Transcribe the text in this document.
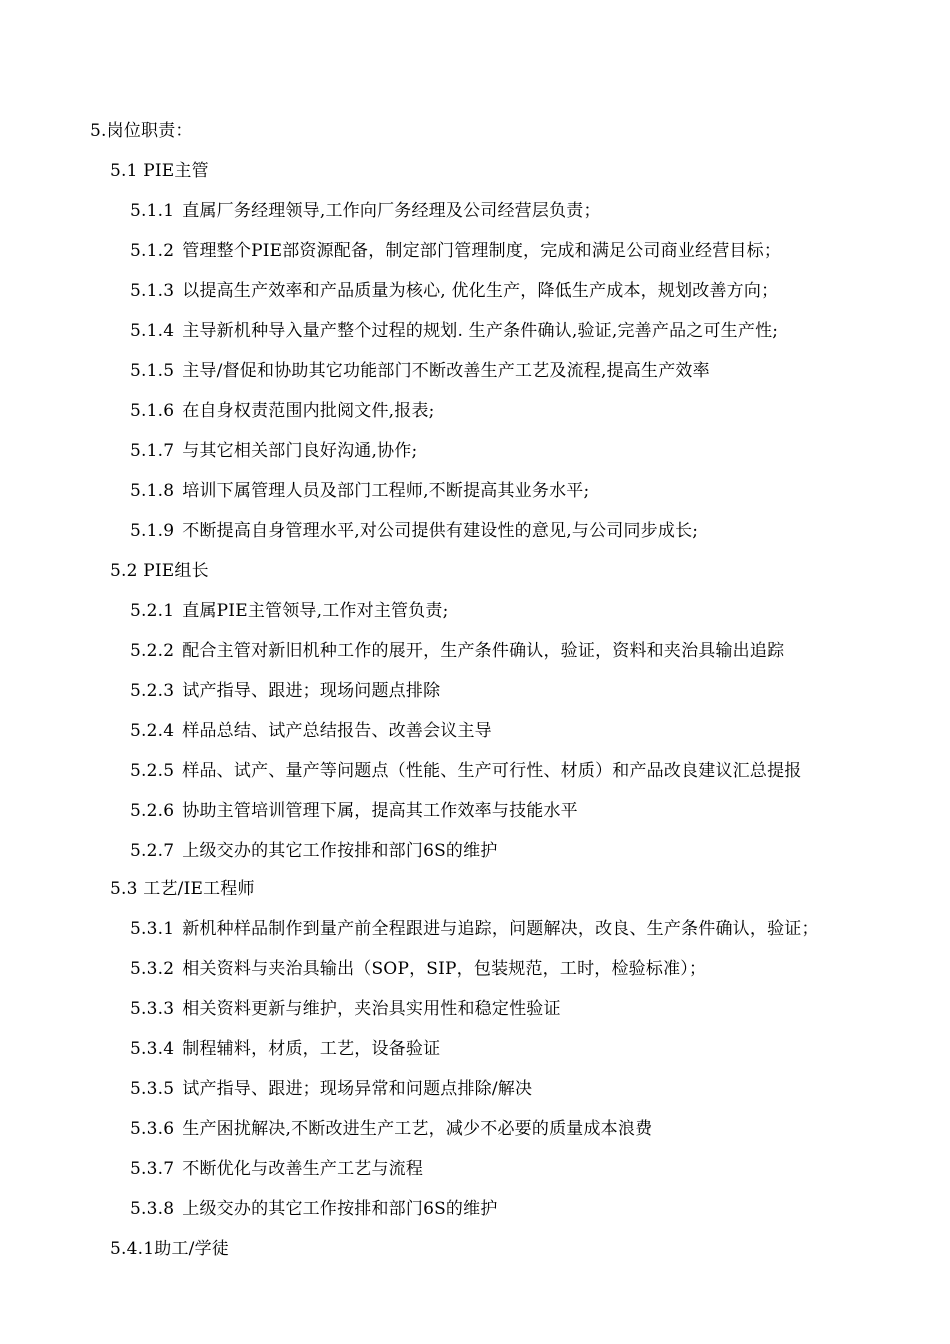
5.岗位职责：
5.1 PIE主管
5.1.1 直属厂务经理领导,工作向厂务经理及公司经营层负责；
5.1.2 管理整个PIE部资源配备，制定部门管理制度，完成和满足公司商业经营目标；
5.1.3 以提高生产效率和产品质量为核心, 优化生产，降低生产成本，规划改善方向；
5.1.4 主导新机种导入量产整个过程的规划. 生产条件确认,验证,完善产品之可生产性;
5.1.5 主导/督促和协助其它功能部门不断改善生产工艺及流程,提高生产效率
5.1.6 在自身权责范围内批阅文件,报表;
5.1.7 与其它相关部门良好沟通,协作;
5.1.8 培训下属管理人员及部门工程师,不断提高其业务水平;
5.1.9 不断提高自身管理水平,对公司提供有建设性的意见,与公司同步成长;
5.2 PIE组长
5.2.1 直属PIE主管领导,工作对主管负责;
5.2.2 配合主管对新旧机种工作的展开，生产条件确认，验证，资料和夹治具输出追踪
5.2.3 试产指导、跟进；现场问题点排除
5.2.4 样品总结、试产总结报告、改善会议主导
5.2.5 样品、试产、量产等问题点（性能、生产可行性、材质）和产品改良建议汇总提报
5.2.6 协助主管培训管理下属，提高其工作效率与技能水平
5.2.7 上级交办的其它工作按排和部门6S的维护
5.3 工艺/IE工程师
5.3.1 新机种样品制作到量产前全程跟进与追踪，问题解决，改良、生产条件确认，验证；
5.3.2 相关资料与夹治具输出（SOP，SIP，包装规范，工时，检验标准）；
5.3.3 相关资料更新与维护，夹治具实用性和稳定性验证
5.3.4 制程辅料，材质，工艺，设备验证
5.3.5 试产指导、跟进；现场异常和问题点排除/解决
5.3.6 生产困扰解决,不断改进生产工艺，减少不必要的质量成本浪费
5.3.7 不断优化与改善生产工艺与流程
5.3.8 上级交办的其它工作按排和部门6S的维护
5.4.1助工/学徒
